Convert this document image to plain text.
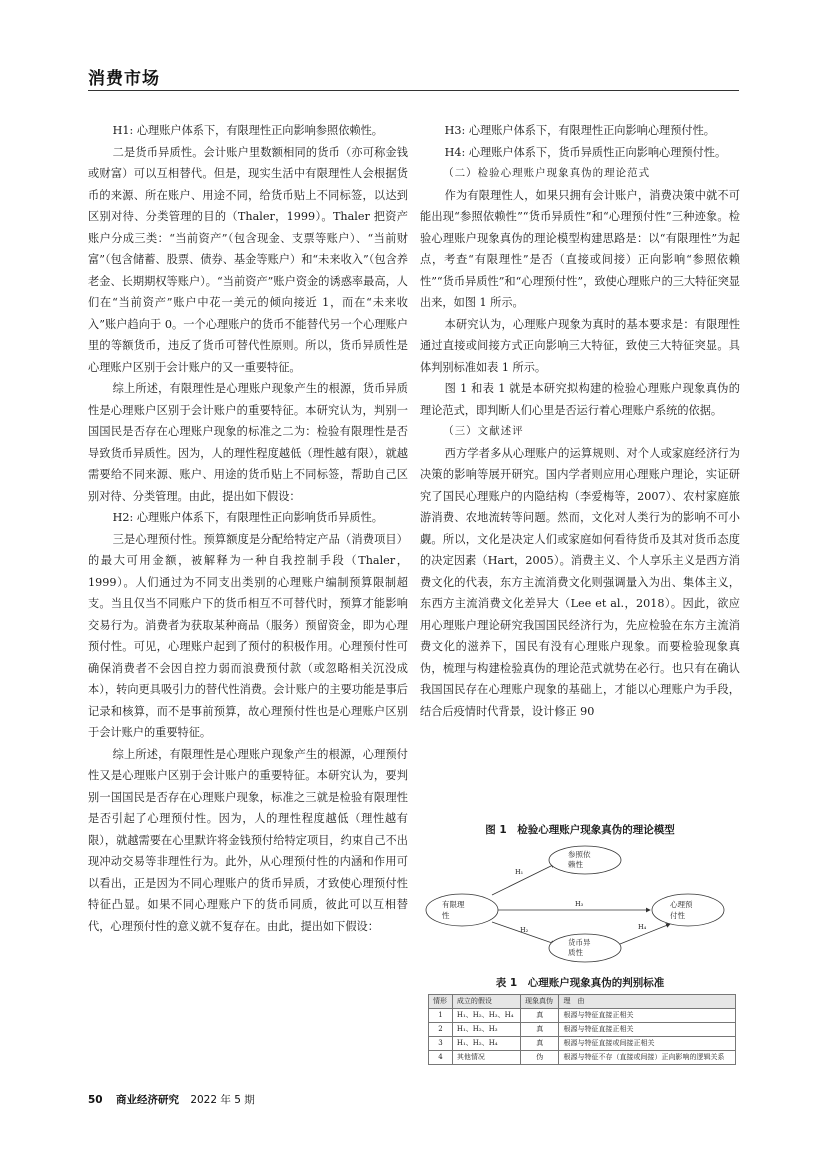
消费市场

H1: 心理账户体系下，有限理性正向影响参照依赖性。

二是货币异质性。会计账户里数额相同的货币（亦可称金钱或财富）可以互相替代。但是，现实生活中有限理性人会根据货币的来源、所在账户、用途不同，给货币贴上不同标签，以达到区别对待、分类管理的目的（Thaler，1999）。Thaler 把资产账户分成三类：“当前资产”（包含现金、支票等账户）、“当前财富”（包含储蓄、股票、债券、基金等账户）和“未来收入”（包含养老金、长期期权等账户）。“当前资产”账户资金的诱惑率最高，人们在“当前资产”账户中花一美元的倾向接近 1，而在“未来收入”账户趋向于 0。一个心理账户的货币不能替代另一个心理账户里的等额货币，违反了货币可替代性原则。所以，货币异质性是心理账户区别于会计账户的又一重要特征。

综上所述，有限理性是心理账户现象产生的根源，货币异质性是心理账户区别于会计账户的重要特征。本研究认为，判别一国国民是否存在心理账户现象的标准之二为：检验有限理性是否导致货币异质性。因为，人的理性程度越低（理性越有限），就越需要给不同来源、账户、用途的货币贴上不同标签，帮助自己区别对待、分类管理。由此，提出如下假设：

H2: 心理账户体系下，有限理性正向影响货币异质性。

三是心理预付性。预算额度是分配给特定产品（消费项目）的最大可用金额，被解释为一种自我控制手段（Thaler，1999）。人们通过为不同支出类别的心理账户编制预算限制超支。当且仅当不同账户下的货币相互不可替代时，预算才能影响交易行为。消费者为获取某种商品（服务）预留资金，即为心理预付性。可见，心理账户起到了预付的积极作用。心理预付性可确保消费者不会因自控力弱而浪费预付款（或忽略相关沉没成本），转向更具吸引力的替代性消费。会计账户的主要功能是事后记录和核算，而不是事前预算，故心理预付性也是心理账户区别于会计账户的重要特征。

综上所述，有限理性是心理账户现象产生的根源，心理预付性又是心理账户区别于会计账户的重要特征。本研究认为，要判别一国国民是否存在心理账户现象，标准之三就是检验有限理性是否引起了心理预付性。因为，人的理性程度越低（理性越有限），就越需要在心里默许将金钱预付给特定项目，约束自己不出现冲动交易等非理性行为。此外，从心理预付性的内涵和作用可以看出，正是因为不同心理账户的货币异质，才致使心理预付性特征凸显。如果不同心理账户下的货币同质，彼此可以互相替代，心理预付性的意义就不复存在。由此，提出如下假设：

H3: 心理账户体系下，有限理性正向影响心理预付性。

H4: 心理账户体系下，货币异质性正向影响心理预付性。

（二）检验心理账户现象真伪的理论范式

作为有限理性人，如果只拥有会计账户，消费决策中就不可能出现“参照依赖性”“货币异质性”和“心理预付性”三种迹象。检验心理账户现象真伪的理论模型构建思路是：以“有限理性”为起点，考查“有限理性”是否（直接或间接）正向影响“参照依赖性”“货币异质性”和“心理预付性”，致使心理账户的三大特征突显出来，如图 1 所示。

本研究认为，心理账户现象为真时的基本要求是：有限理性通过直接或间接方式正向影响三大特征，致使三大特征突显。具体判别标准如表 1 所示。

图 1 和表 1 就是本研究拟构建的检验心理账户现象真伪的理论范式，即判断人们心里是否运行着心理账户系统的依据。

（三）文献述评

西方学者多从心理账户的运算规则、对个人或家庭经济行为决策的影响等展开研究。国内学者则应用心理账户理论，实证研究了国民心理账户的内隐结构（李爱梅等，2007）、农村家庭旅游消费、农地流转等问题。然而，文化对人类行为的影响不可小觑。所以，文化是决定人们或家庭如何看待货币及其对货币态度的决定因素（Hart，2005）。消费主义、个人享乐主义是西方消费文化的代表，东方主流消费文化则强调量入为出、集体主义，东西方主流消费文化差异大（Lee et al.，2018）。因此，欲应用心理账户理论研究我国国民经济行为，先应检验在东方主流消费文化的滋养下，国民有没有心理账户现象。而要检验现象真伪，梳理与构建检验真伪的理论范式就势在必行。也只有在确认我国国民存在心理账户现象的基础上，才能以心理账户为手段，结合后疫情时代背景，设计修正 90

图 1　检验心理账户现象真伪的理论模型
有限理
性
参照依
赖性
心理预
付性
货币异
质性
H₁
H₃
H₂	H₄
表 1　心理账户现象真伪的判别标准
情形	成立的假设	现象真伪	理　由
1	H₁、H₂、H₃、H₄	真	根源与特征直接正相关
2	H₁、H₂、H₃	真	根源与特征直接正相关
3	H₁、H₂、H₄	真	根源与特征直接或间接正相关
4	其他情况	伪	根源与特征不存（直接或间接）正向影响的逻辑关系
50 商业经济研究 2022 年 5 期
